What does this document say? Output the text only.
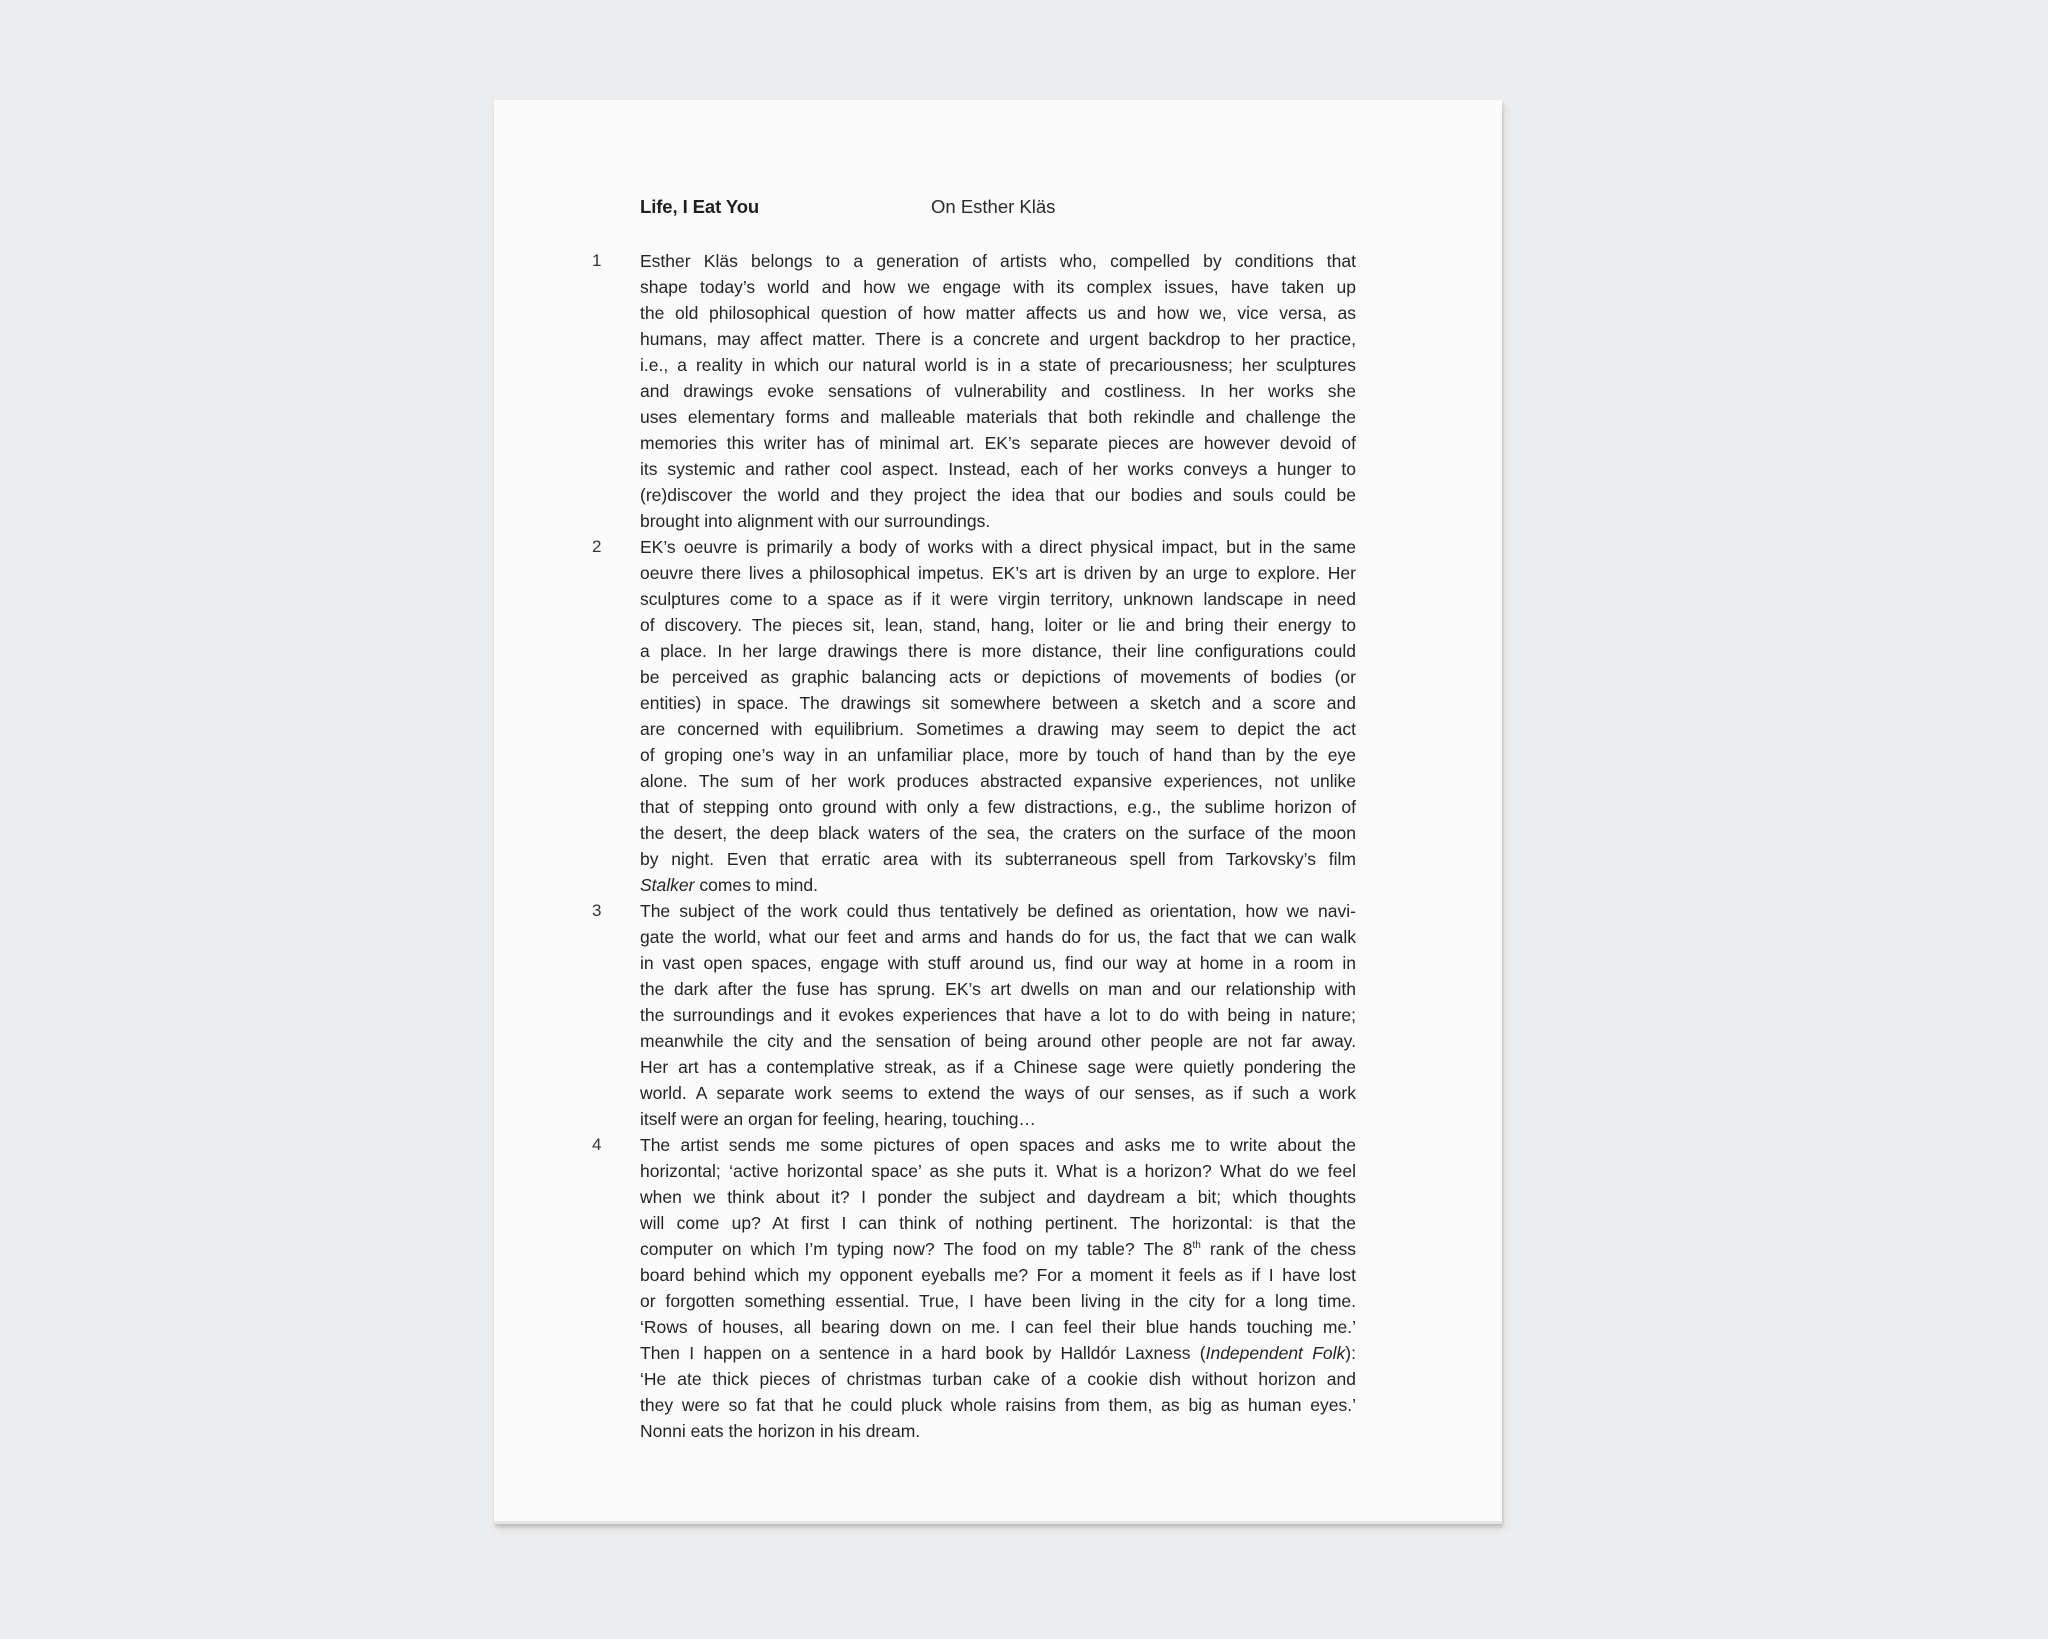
Life, I Eat You	On Esther Kläs
1 Esther Kläs belongs to a generation of artists who, compelled by conditions that
shape today’s world and how we engage with its complex issues, have taken up
the old philosophical question of how matter affects us and how we, vice versa, as
humans, may affect matter. There is a concrete and urgent backdrop to her practice,
i.e., a reality in which our natural world is in a state of precariousness; her sculptures
and drawings evoke sensations of vulnerability and costliness. In her works she
uses elementary forms and malleable materials that both rekindle and challenge the
memories this writer has of minimal art. EK’s separate pieces are however devoid of
its systemic and rather cool aspect. Instead, each of her works conveys a hunger to
(re)discover the world and they project the idea that our bodies and souls could be
brought into alignment with our surroundings.
2 EK’s oeuvre is primarily a body of works with a direct physical impact, but in the same
oeuvre there lives a philosophical impetus. EK’s art is driven by an urge to explore. Her
sculptures come to a space as if it were virgin territory, unknown landscape in need
of discovery. The pieces sit, lean, stand, hang, loiter or lie and bring their energy to
a place. In her large drawings there is more distance, their line configurations could
be perceived as graphic balancing acts or depictions of movements of bodies (or
entities) in space. The drawings sit somewhere between a sketch and a score and
are concerned with equilibrium. Sometimes a drawing may seem to depict the act
of groping one’s way in an unfamiliar place, more by touch of hand than by the eye
alone. The sum of her work produces abstracted expansive experiences, not unlike
that of stepping onto ground with only a few distractions, e.g., the sublime horizon of
the desert, the deep black waters of the sea, the craters on the surface of the moon
by night. Even that erratic area with its subterraneous spell from Tarkovsky’s film
Stalker comes to mind.
3 The subject of the work could thus tentatively be defined as orientation, how we navi-
gate the world, what our feet and arms and hands do for us, the fact that we can walk
in vast open spaces, engage with stuff around us, find our way at home in a room in
the dark after the fuse has sprung. EK’s art dwells on man and our relationship with
the surroundings and it evokes experiences that have a lot to do with being in nature;
meanwhile the city and the sensation of being around other people are not far away.
Her art has a contemplative streak, as if a Chinese sage were quietly pondering the
world. A separate work seems to extend the ways of our senses, as if such a work
itself were an organ for feeling, hearing, touching…
4 The artist sends me some pictures of open spaces and asks me to write about the
horizontal; ‘active horizontal space’ as she puts it. What is a horizon? What do we feel
when we think about it? I ponder the subject and daydream a bit; which thoughts
will come up? At first I can think of nothing pertinent. The horizontal: is that the
computer on which I’m typing now? The food on my table? The 8th rank of the chess
board behind which my opponent eyeballs me? For a moment it feels as if I have lost
or forgotten something essential. True, I have been living in the city for a long time.
‘Rows of houses, all bearing down on me. I can feel their blue hands touching me.’
Then I happen on a sentence in a hard book by Halldór Laxness (Independent Folk):
‘He ate thick pieces of christmas turban cake of a cookie dish without horizon and
they were so fat that he could pluck whole raisins from them, as big as human eyes.’
Nonni eats the horizon in his dream.
